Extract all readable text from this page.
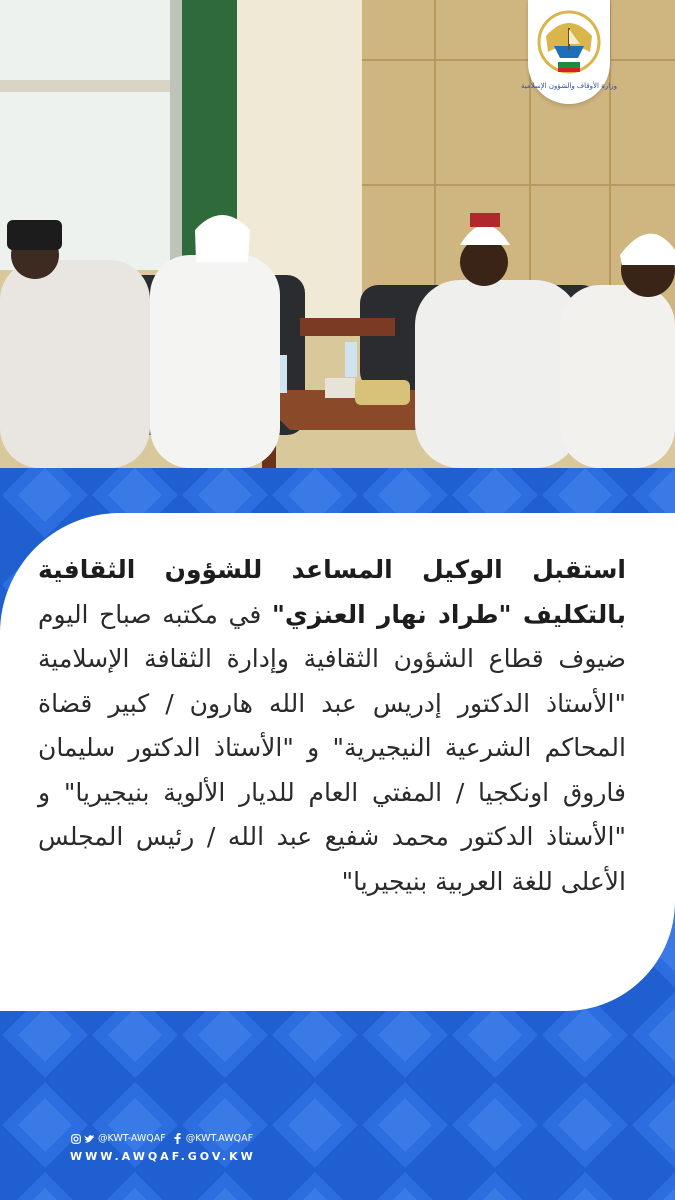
وزارة الأوقاف والشؤون الإسلامية
استقبل الوكيل المساعد للشؤون الثقافية بالتكليف "طراد نهار العنزي" في مكتبه صباح اليوم ضيوف قطاع الشؤون الثقافية وإدارة الثقافة الإسلامية "الأستاذ الدكتور إدريس عبد الله هارون / كبير قضاة المحاكم الشرعية النيجيرية" و "الأستاذ الدكتور سليمان فاروق اونكجيا / المفتي العام للديار الألوية بنيجيريا" و "الأستاذ الدكتور محمد شفيع عبد الله / رئيس المجلس الأعلى للغة العربية بنيجيريا"
@KWT-AWQAF @KWT.AWQAF
WWW.AWQAF.GOV.KW
